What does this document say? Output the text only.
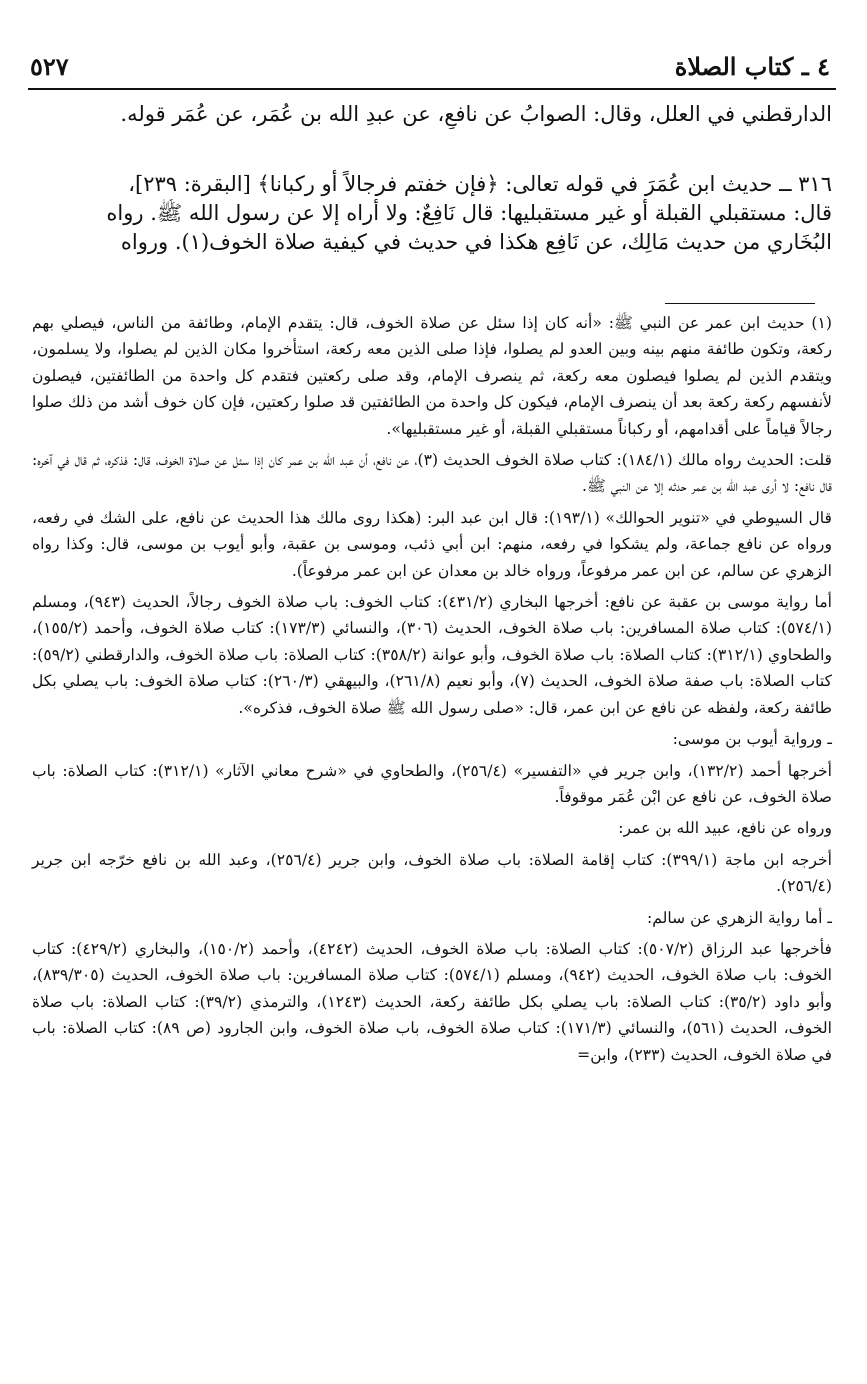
٥٢٧	٤ ـ كتاب الصلاة
الدارقطني في العلل، وقال: الصوابُ عن نافعٍ، عن عبدِ الله بن عُمَر، عن عُمَر قوله.
٣١٦ ــ حديث ابن عُمَرَ في قوله تعالى: ﴿فإن خفتم فرجالاً أو ركبانا﴾ [البقرة: ٢٣٩]،
قال: مستقبلي القبلة أو غير مستقبليها: قال نَافِعٌ: ولا أراه إلا عن رسول الله ﷺ. رواه
البُخَاري من حديث مَالِك، عن نَافِع هكذا في حديث في كيفية صلاة الخوف(١). ورواه

(١) حديث ابن عمر عن النبي ﷺ: «أنه كان إذا سئل عن صلاة الخوف، قال: يتقدم الإمام، وطائفة من الناس، فيصلي بهم ركعة، وتكون طائفة منهم بينه وبين العدو لم يصلوا، فإذا صلى الذين معه ركعة، استأخروا مكان الذين لم يصلوا، ولا يسلمون، ويتقدم الذين لم يصلوا فيصلون معه ركعة، ثم ينصرف الإمام، وقد صلى ركعتين فتقدم كل واحدة من الطائفتين، فيصلون لأنفسهم ركعة ركعة بعد أن ينصرف الإمام، فيكون كل واحدة من الطائفتين قد صلوا ركعتين، فإن كان خوف أشد من ذلك صلوا رجالاً قياماً على أقدامهم، أو ركباناً مستقبلي القبلة، أو غير مستقبليها».

قلت: الحديث رواه مالك (١٨٤/١): كتاب صلاة الخوف الحديث (٣)، عن نافع، أن عبد الله بن عمر كان إذا سئل عن صلاة الخوف، قال: فذكره، ثم قال في آخره: قال نافع: لا أرى عبد الله بن عمر حدثه إلا عن النبي ﷺ.

قال السيوطي في «تنوير الحوالك» (١٩٣/١): قال ابن عبد البر: (هكذا روى مالك هذا الحديث عن نافع، على الشك في رفعه، ورواه عن نافع جماعة، ولم يشكوا في رفعه، منهم: ابن أبي ذئب، وموسى بن عقبة، وأبو أيوب بن موسى، قال: وكذا رواه الزهري عن سالم، عن ابن عمر مرفوعاً، ورواه خالد بن معدان عن ابن عمر مرفوعاً).

أما رواية موسى بن عقبة عن نافع: أخرجها البخاري (٤٣١/٢): كتاب الخوف: باب صلاة الخوف رجالاً، الحديث (٩٤٣)، ومسلم (٥٧٤/١): كتاب صلاة المسافرين: باب صلاة الخوف، الحديث (٣٠٦)، والنسائي (١٧٣/٣): كتاب صلاة الخوف، وأحمد (١٥٥/٢)، والطحاوي (٣١٢/١): كتاب الصلاة: باب صلاة الخوف، وأبو عوانة (٣٥٨/٢): كتاب الصلاة: باب صلاة الخوف، والدارقطني (٥٩/٢): كتاب الصلاة: باب صفة صلاة الخوف، الحديث (٧)، وأبو نعيم (٢٦١/٨)، والبيهقي (٢٦٠/٣): كتاب صلاة الخوف: باب يصلي بكل طائفة ركعة، ولفظه عن نافع عن ابن عمر، قال: «صلى رسول الله ﷺ صلاة الخوف، فذكره».

ـ ورواية أيوب بن موسى:

أخرجها أحمد (١٣٢/٢)، وابن جرير في «التفسير» (٢٥٦/٤)، والطحاوي في «شرح معاني الآثار» (٣١٢/١): كتاب الصلاة: باب صلاة الخوف، عن نافع عن ابْن عُمَر موقوفاً.

ورواه عن نافع، عبيد الله بن عمر:

أخرجه ابن ماجة (٣٩٩/١): كتاب إقامة الصلاة: باب صلاة الخوف، وابن جرير (٢٥٦/٤)، وعبد الله بن نافع خرّجه ابن جرير (٢٥٦/٤).

ـ أما رواية الزهري عن سالم:

فأخرجها عبد الرزاق (٥٠٧/٢): كتاب الصلاة: باب صلاة الخوف، الحديث (٤٢٤٢)، وأحمد (١٥٠/٢)، والبخاري (٤٢٩/٢): كتاب الخوف: باب صلاة الخوف، الحديث (٩٤٢)، ومسلم (٥٧٤/١): كتاب صلاة المسافرين: باب صلاة الخوف، الحديث (٨٣٩/٣٠٥)، وأبو داود (٣٥/٢): كتاب الصلاة: باب يصلي بكل طائفة ركعة، الحديث (١٢٤٣)، والترمذي (٣٩/٢): كتاب الصلاة: باب صلاة الخوف، الحديث (٥٦١)، والنسائي (١٧١/٣): كتاب صلاة الخوف، باب صلاة الخوف، وابن الجارود (ص ٨٩): كتاب الصلاة: باب في صلاة الخوف، الحديث (٢٣٣)، وابن=
